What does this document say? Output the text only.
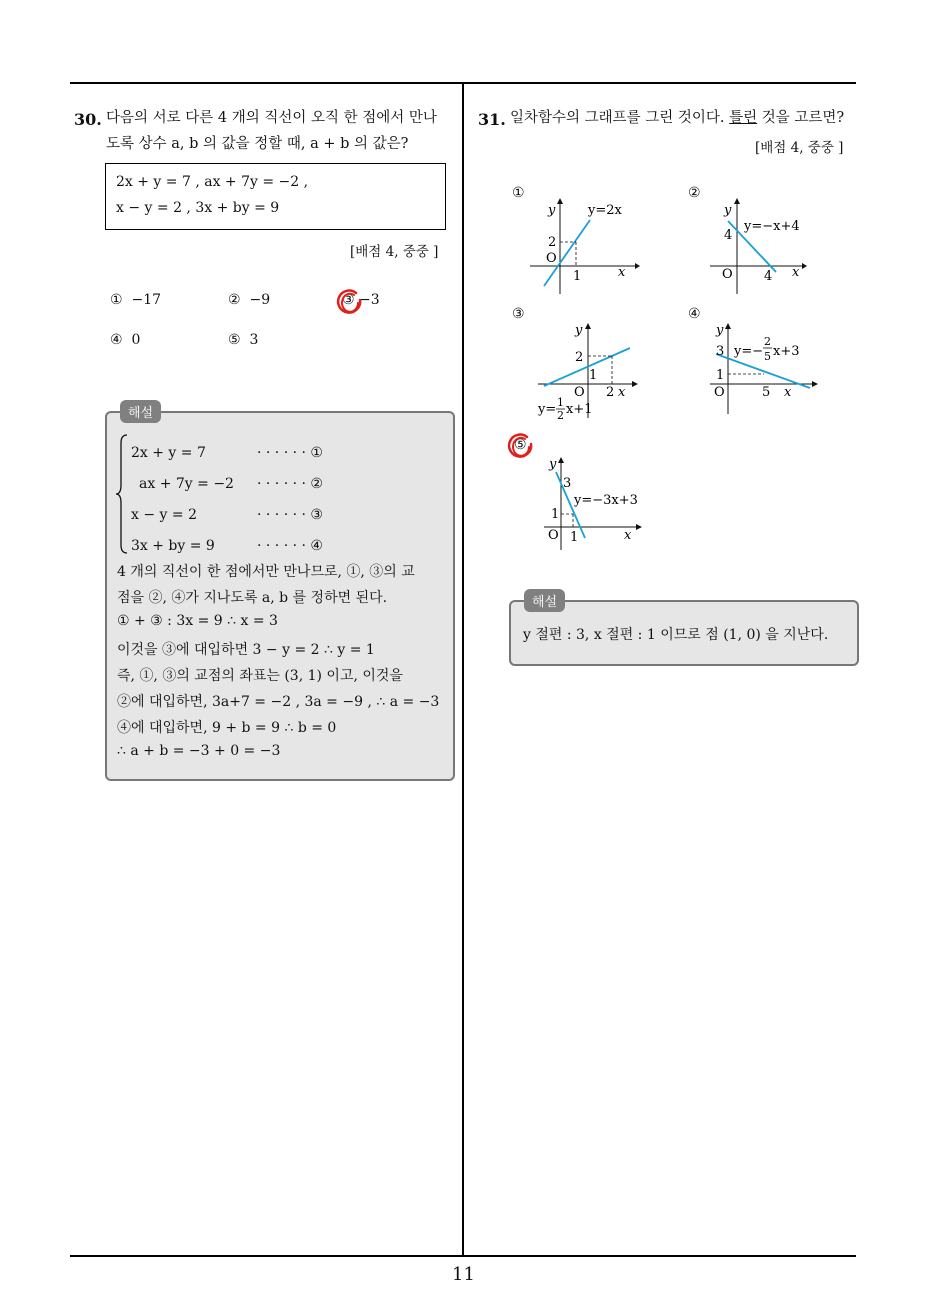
11
30. 다음의 서로 다른 4 개의 직선이 오직 한 점에서 만나
도록 상수 a, b 의 값을 정할 때, a + b 의 값은?
2x + y = 7 , ax + 7y = −2 ,
x − y = 2 , 3x + by = 9
[배점 4, 중중 ]
① −17	② −9	③ −3
④ 0	⑤ 3
2x + y = 7	· · · · · · ①
ax + 7y = −2 · · · · · · ②
x − y = 2	· · · · · · ③
3x + by = 9	· · · · · · ④
4 개의 직선이 한 점에서만 만나므로, ①, ③의 교
점을 ②, ④가 지나도록 a, b 를 정하면 된다.
① + ③ : 3x = 9 ∴ x = 3
이것을 ③에 대입하면 3 − y = 2 ∴ y = 1
즉, ①, ③의 교점의 좌표는 (3, 1) 이고, 이것을
②에 대입하면, 3a+7 = −2 , 3a = −9 , ∴ a = −3
④에 대입하면, 9 + b = 9 ∴ b = 0
∴ a + b = −3 + 0 = −3
해설
31. 일차함수의 그래프를 그린 것이다. 틀린 것을 고르면?
[배점 4, 중중 ]
①
y	y=2x
x
O
2
1
②
y
y=−x+4
x
O
4
4
③
y
x
O
2
1
2
y= 1
2 x+1
④
y
x
O
3
1
5
y=−
2
5 x+3
⑤
y
y=−3x+3
x
O
3
1
1
y 절편 : 3, x 절편 : 1 이므로 점 (1, 0) 을 지난다.
해설
